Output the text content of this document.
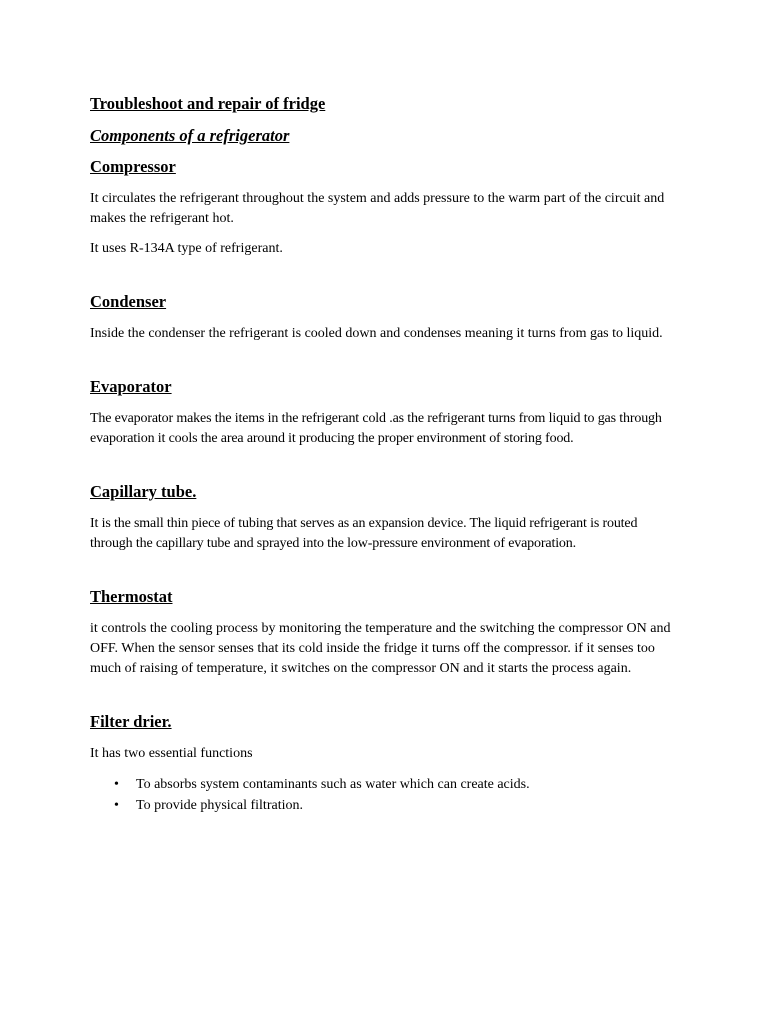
Troubleshoot and repair of fridge
Components of a refrigerator
Compressor

It circulates the refrigerant throughout the system and adds pressure to the warm part of the circuit and makes the refrigerant hot.

It uses R-134A type of refrigerant.

Condenser

Inside the condenser the refrigerant is cooled down and condenses meaning it turns from gas to liquid.

Evaporator

The evaporator makes the items in the refrigerant cold .as the refrigerant turns from liquid to gas through evaporation it cools the area around it producing the proper environment of storing food.

Capillary tube.

It is the small thin piece of tubing that serves as an expansion device. The liquid refrigerant is routed through the capillary tube and sprayed into the low-pressure environment of evaporation.

Thermostat

it controls the cooling process by monitoring the temperature and the switching the compressor ON and OFF. When the sensor senses that its cold inside the fridge it turns off the compressor. if it senses too much of raising of temperature, it switches on the compressor ON and it starts the process again.

Filter drier.

It has two essential functions

• To absorbs system contaminants such as water which can create acids.
• To provide physical filtration.
